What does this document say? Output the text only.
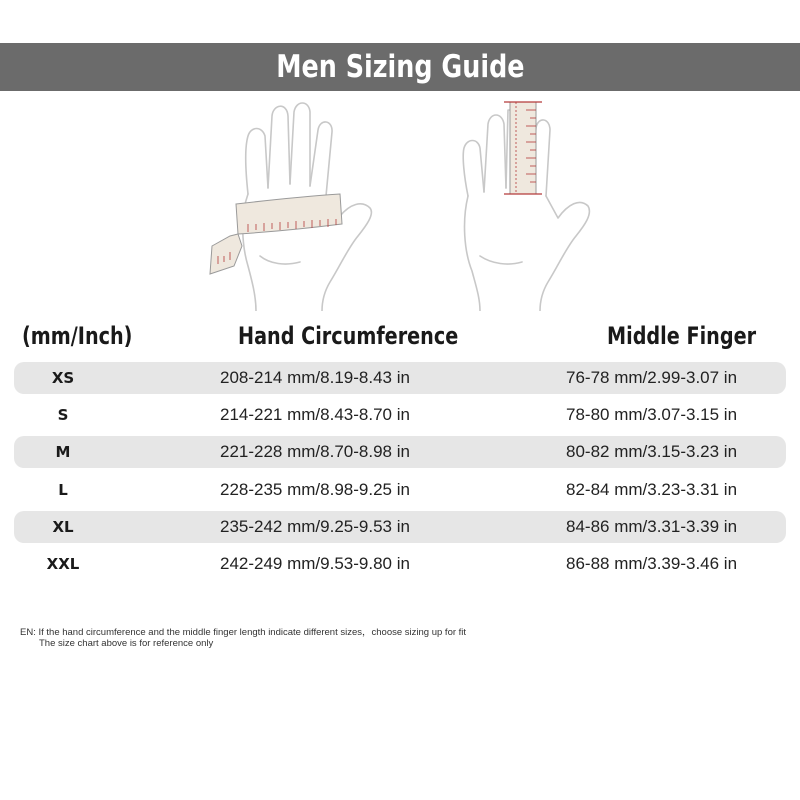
Men Sizing Guide
(mm/Inch)	Hand Circumference	Middle Finger
XS	208-214 mm/8.19-8.43 in	76-78 mm/2.99-3.07 in
S	214-221 mm/8.43-8.70 in	78-80 mm/3.07-3.15 in
M	221-228 mm/8.70-8.98 in	80-82 mm/3.15-3.23 in
L	228-235 mm/8.98-9.25 in	82-84 mm/3.23-3.31 in
XL	235-242 mm/9.25-9.53 in	84-86 mm/3.31-3.39 in
XXL	242-249 mm/9.53-9.80 in	86-88 mm/3.39-3.46 in
EN: If the hand circumference and the middle finger length indicate different sizes，choose sizing up for fit
The size chart above is for reference only
